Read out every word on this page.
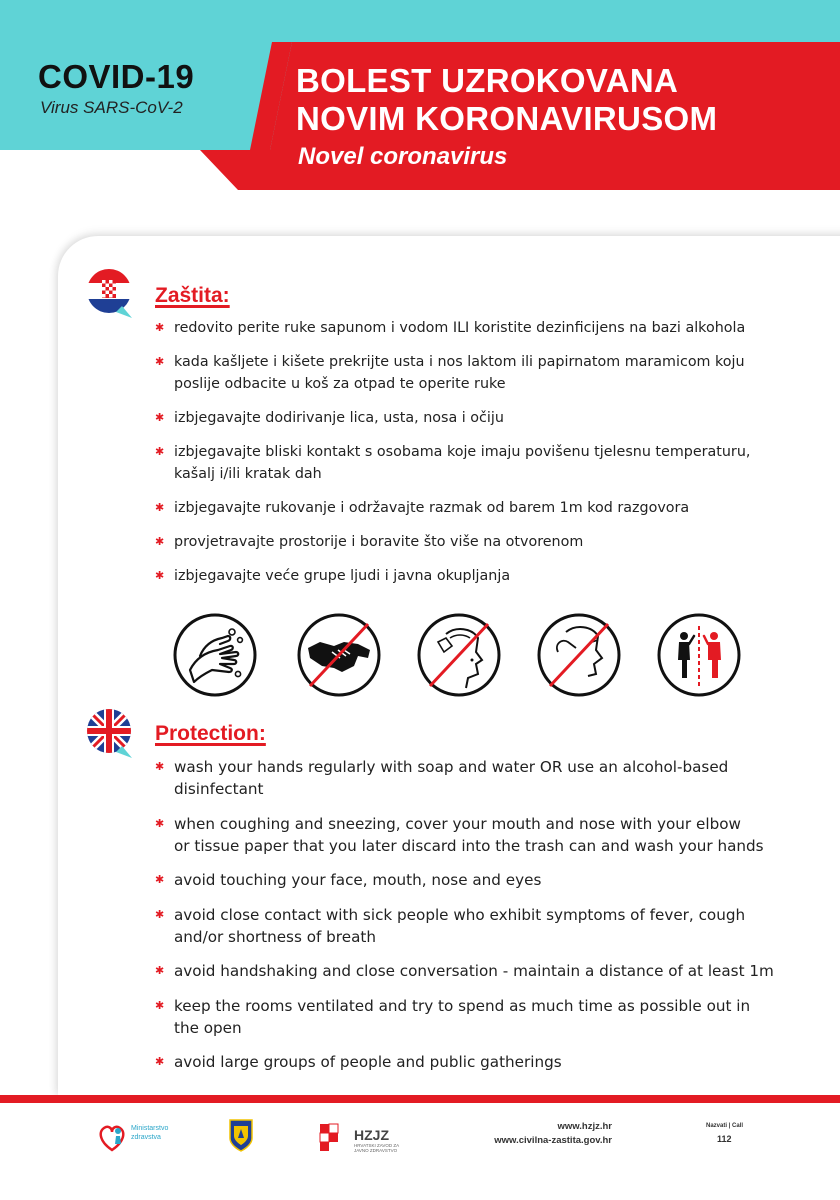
COVID-19
Virus SARS-CoV-2
BOLEST UZROKOVANA
NOVIM KORONAVIRUSOM
Novel coronavirus
Zaštita:
✱ redovito perite ruke sapunom i vodom ILI koristite dezinficijens na bazi alkohola
✱ kada kašljete i kišete prekrijte usta i nos laktom ili papirnatom maramicom koju
poslije odbacite u koš za otpad te operite ruke
✱ izbjegavajte dodirivanje lica, usta, nosa i očiju
✱ izbjegavajte bliski kontakt s osobama koje imaju povišenu tjelesnu temperaturu,
kašalj i/ili kratak dah
✱ izbjegavajte rukovanje i održavajte razmak od barem 1m kod razgovora
✱ provjetravajte prostorije i boravite što više na otvorenom
✱ izbjegavajte veće grupe ljudi i javna okupljanja
Protection:
✱ wash your hands regularly with soap and water OR use an alcohol-based
disinfectant
✱ when coughing and sneezing, cover your mouth and nose with your elbow
or tissue paper that you later discard into the trash can and wash your hands
✱ avoid touching your face, mouth, nose and eyes
✱ avoid close contact with sick people who exhibit symptoms of fever, cough
and/or shortness of breath
✱ avoid handshaking and close conversation - maintain a distance of at least 1m
✱ keep the rooms ventilated and try to spend as much time as possible out in
the open
✱ avoid large groups of people and public gatherings
Ministarstvo
zdravstva	HZJZ
HRVATSKI ZAVOD ZA JAVNO ZDRAVSTVO
www.hzjz.hr
www.civilna-zastita.gov.hr
Nazvati | Call
112
